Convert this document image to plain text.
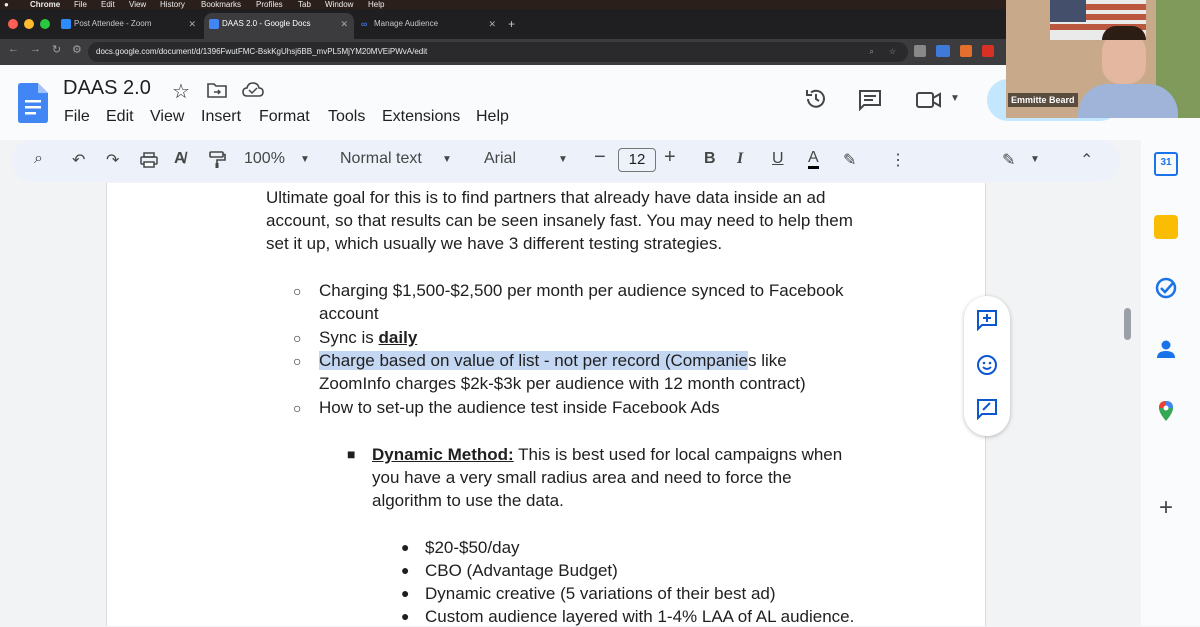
●	Chrome File Edit View History Bookmarks Profiles Tab Window Help
Post Attendee - Zoom	✕	DAAS 2.0 - Google Docs	✕ ∞ Manage Audience	✕ +
← → ↻ ⚙	docs.google.com/document/d/1396FwutFMC-BskKgUhsj6BB_mvPL5MjYM20MVEiPWvA/edit	⌕ ☆
DAAS 2.0 ☆
File Edit View Insert Format Tools Extensions Help
▼
⌕ ↶ ↷	A̸	100% ▼ Normal text ▼ Arial	▼ −	12 + B I U A ✎ ⋮	✎ ▼	⌃
Ultimate goal for this is to find partners that already have data inside an ad
account, so that results can be seen insanely fast. You may need to help them
set it up, which usually we have 3 different testing strategies.
○ Charging $1,500-$2,500 per month per audience synced to Facebook
account
○ Sync is daily
○ Charge based on value of list - not per record (Companies like
ZoomInfo charges $2k-$3k per audience with 12 month contract)
○ How to set-up the audience test inside Facebook Ads
■ Dynamic Method: This is best used for local campaigns when
you have a very small radius area and need to force the
algorithm to use the data.
● $20-$50/day
● CBO (Advantage Budget)
● Dynamic creative (5 variations of their best ad)
● Custom audience layered with 1-4% LAA of AL audience.
31
+
Emmitte Beard
